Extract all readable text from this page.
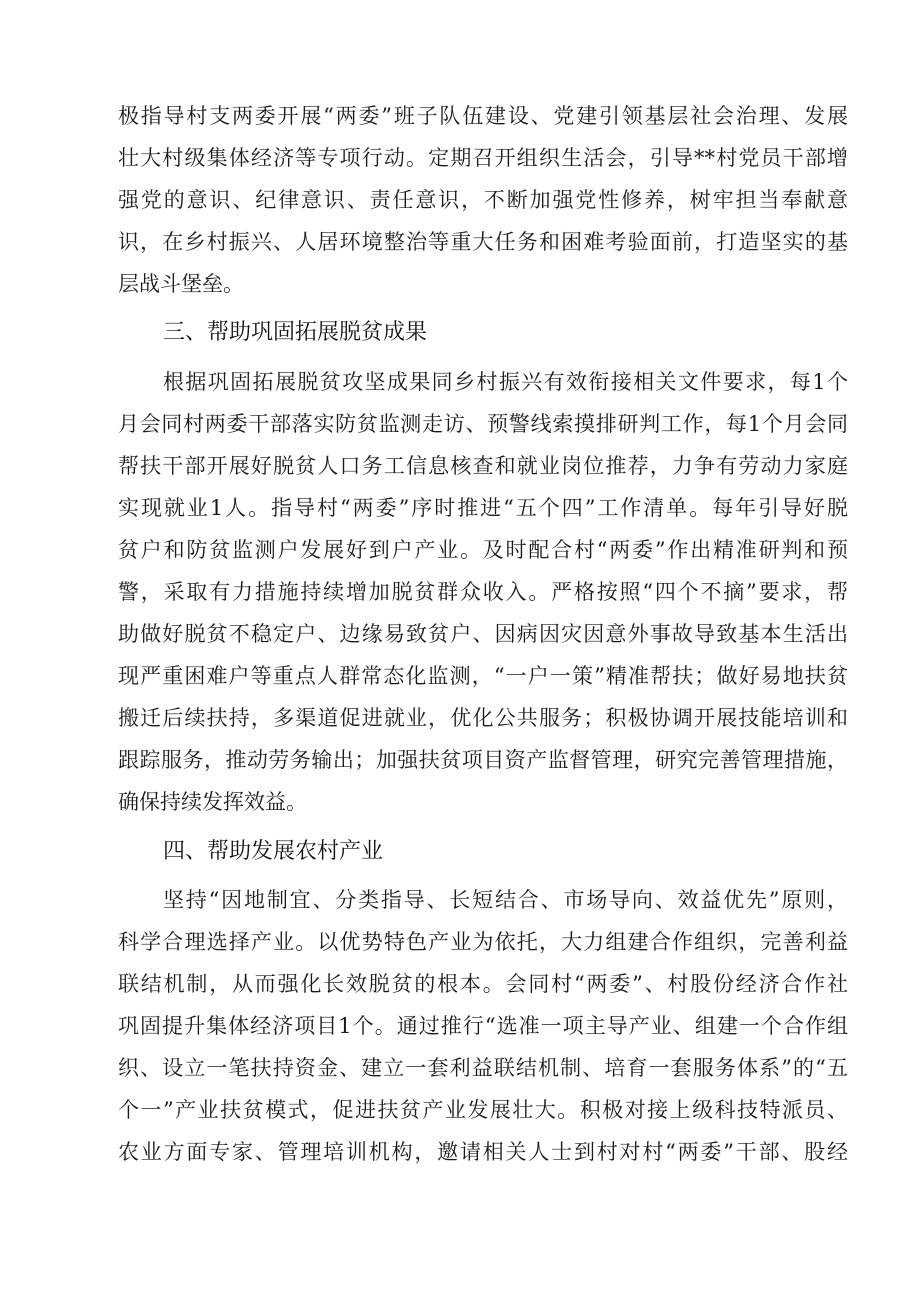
极指导村支两委开展“两委”班子队伍建设、党建引领基层社会治理、发展
壮大村级集体经济等专项行动。定期召开组织生活会，引导**村党员干部增
强党的意识、纪律意识、责任意识，不断加强党性修养，树牢担当奉献意
识，在乡村振兴、人居环境整治等重大任务和困难考验面前，打造坚实的基
层战斗堡垒。
三、帮助巩固拓展脱贫成果
根据巩固拓展脱贫攻坚成果同乡村振兴有效衔接相关文件要求，每1个
月会同村两委干部落实防贫监测走访、预警线索摸排研判工作，每1个月会同
帮扶干部开展好脱贫人口务工信息核查和就业岗位推荐，力争有劳动力家庭
实现就业1人。指导村“两委”序时推进“五个四”工作清单。每年引导好脱
贫户和防贫监测户发展好到户产业。及时配合村“两委”作出精准研判和预
警，采取有力措施持续增加脱贫群众收入。严格按照“四个不摘”要求，帮
助做好脱贫不稳定户、边缘易致贫户、因病因灾因意外事故导致基本生活出
现严重困难户等重点人群常态化监测，“一户一策”精准帮扶；做好易地扶贫
搬迁后续扶持，多渠道促进就业，优化公共服务；积极协调开展技能培训和
跟踪服务，推动劳务输出；加强扶贫项目资产监督管理，研究完善管理措施，
确保持续发挥效益。
四、帮助发展农村产业
坚持“因地制宜、分类指导、长短结合、市场导向、效益优先”原则，
科学合理选择产业。以优势特色产业为依托，大力组建合作组织，完善利益
联结机制，从而强化长效脱贫的根本。会同村“两委”、村股份经济合作社
巩固提升集体经济项目1个。通过推行“选准一项主导产业、组建一个合作组
织、设立一笔扶持资金、建立一套利益联结机制、培育一套服务体系”的“五
个一”产业扶贫模式，促进扶贫产业发展壮大。积极对接上级科技特派员、
农业方面专家、管理培训机构，邀请相关人士到村对村“两委”干部、股经
